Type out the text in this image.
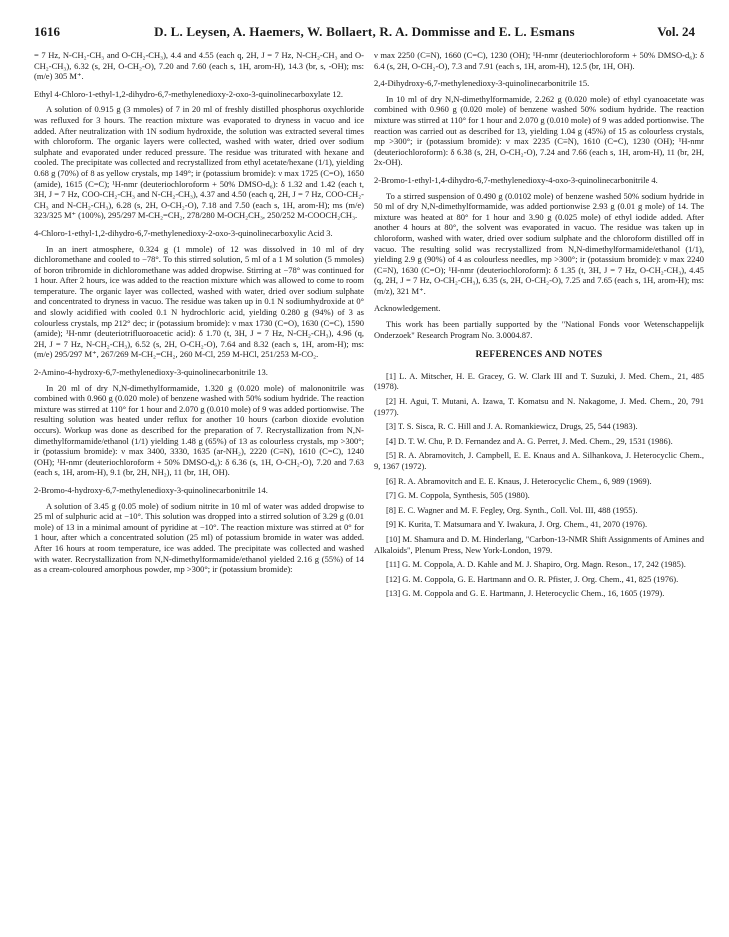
1616	D. L. Leysen, A. Haemers, W. Bollaert, R. A. Dommisse and E. L. Esmans	Vol. 24

= 7 Hz, N-CH₂-CH₃ and O-CH₂-CH₃), 4.4 and 4.55 (each q, 2H, J = 7 Hz, N-CH₂-CH₃ and O-CH₂-CH₃), 6.32 (s, 2H, O-CH₂-O), 7.20 and 7.60 (each s, 1H, arom-H), 14.3 (br, s, -OH); ms: (m/e) 305 M⁺.

Ethyl 4-Chloro-1-ethyl-1,2-dihydro-6,7-methylenedioxy-2-oxo-3-quinolinecarboxylate 12.

A solution of 0.915 g (3 mmoles) of 7 in 20 ml of freshly distilled phosphorus oxychloride was refluxed for 3 hours. The reaction mixture was evaporated to dryness in vacuo and ice added. After neutralization with 1N sodium hydroxide, the solution was extracted several times with chloroform. The organic layers were collected, washed with water, dried over sodium sulphate and evaporated under reduced pressure. The residue was triturated with hexane and cooled. The precipitate was collected and recrystallized from ethyl acetate/hexane (1/1), yielding 0.68 g (70%) of 8 as yellow crystals, mp 149°; ir (potassium bromide): ν max 1725 (C=O), 1650 (amide), 1615 (C=C); ¹H-nmr (deuteriochloroform + 50% DMSO-d₆): δ 1.32 and 1.42 (each t, 3H, J = 7 Hz, COO-CH₂-CH₃ and N-CH₂-CH₃), 4.37 and 4.50 (each q, 2H, J = 7 Hz, COO-CH₂-CH₃ and N-CH₂-CH₃), 6.28 (s, 2H, O-CH₂-O), 7.18 and 7.50 (each s, 1H, arom-H); ms (m/e) 323/325 M⁺ (100%), 295/297 M-CH₂=CH₂, 278/280 M-OCH₂CH₃, 250/252 M-COOCH₂CH₃.

4-Chloro-1-ethyl-1,2-dihydro-6,7-methylenedioxy-2-oxo-3-quinolinecarboxylic Acid 3.

In an inert atmosphere, 0.324 g (1 mmole) of 12 was dissolved in 10 ml of dry dichloromethane and cooled to −78°. To this stirred solution, 5 ml of a 1 M solution (5 mmoles) of boron tribromide in dichloromethane was added dropwise. Stirring at −78° was continued for 1 hour. After 2 hours, ice was added to the reaction mixture which was allowed to come to room temperature. The organic layer was collected, washed with water, dried over sodium sulphate and concentrated to dryness in vacuo. The residue was taken up in 0.1 N sodiumhydroxide at 0° and slowly acidified with cooled 0.1 N hydrochloric acid, yielding 0.280 g (94%) of 3 as colourless crystals, mp 212° dec; ir (potassium bromide): ν max 1730 (C=O), 1630 (C=C), 1590 (amide); ¹H-nmr (deuteriotrifluoroacetic acid): δ 1.70 (t, 3H, J = 7 Hz, N-CH₂-CH₃), 4.96 (q, 2H, J = 7 Hz, N-CH₂-CH₃), 6.52 (s, 2H, O-CH₂-O), 7.64 and 8.32 (each s, 1H, arom-H); ms: (m/e) 295/297 M⁺, 267/269 M-CH₂=CH₂, 260 M-Cl, 259 M-HCl, 251/253 M-CO₂.

2-Amino-4-hydroxy-6,7-methylenedioxy-3-quinolinecarbonitrile 13.

In 20 ml of dry N,N-dimethylformamide, 1.320 g (0.020 mole) of malononitrile was combined with 0.960 g (0.020 mole) of benzene washed with 50% sodium hydride. The reaction mixture was stirred at 110° for 1 hour and 2.070 g (0.010 mole) of 9 was added portionwise. The resulting solution was heated under reflux for another 10 hours (carbon dioxide evolution occurs). Workup was done as described for the preparation of 7. Recrystallization from N,N-dimethylformamide/ethanol (1/1) yielding 1.48 g (65%) of 13 as colourless crystals, mp >300°; ir (potassium bromide): ν max 3400, 3330, 1635 (ar-NH₂), 2220 (C≡N), 1610 (C=C), 1240 (OH); ¹H-nmr (deuteriochloroform + 50% DMSO-d₆): δ 6.36 (s, 1H, O-CH₂-O), 7.20 and 7.63 (each s, 1H, arom-H), 9.1 (br, 2H, NH₂), 11 (br, 1H, OH).

2-Bromo-4-hydroxy-6,7-methylenedioxy-3-quinolinecarbonitrile 14.

A solution of 3.45 g (0.05 mole) of sodium nitrite in 10 ml of water was added dropwise to 25 ml of sulphuric acid at −10°. This solution was dropped into a stirred solution of 3.29 g (0.01 mole) of 13 in a minimal amount of pyridine at −10°. The reaction mixture was stirred at 0° for 1 hour, after which a concentrated solution (25 ml) of potassium bromide in water was added. After 16 hours at room temperature, ice was added. The precipitate was collected and washed with water. Recrystallization from N,N-dimethylformamide/ethanol yielded 2.16 g (55%) of 14 as a cream-coloured amorphous powder, mp >300°; ir (potassium bromide):

ν max 2250 (C≡N), 1660 (C=C), 1230 (OH); ¹H-nmr (deuteriochloroform + 50% DMSO-d₆): δ 6.4 (s, 2H, O-CH₂-O), 7.3 and 7.91 (each s, 1H, arom-H), 12.5 (br, 1H, OH).

2,4-Dihydroxy-6,7-methylenedioxy-3-quinolinecarbonitrile 15.

In 10 ml of dry N,N-dimethylformamide, 2.262 g (0.020 mole) of ethyl cyanoacetate was combined with 0.960 g (0.020 mole) of benzene washed 50% sodium hydride. The reaction mixture was stirred at 110° for 1 hour and 2.070 g (0.010 mole) of 9 was added portionwise. The reaction was carried out as described for 13, yielding 1.04 g (45%) of 15 as colourless crystals, mp >300°; ir (potassium bromide): ν max 2235 (C≡N), 1610 (C=C), 1230 (OH); ¹H-nmr (deuteriochloroform): δ 6.38 (s, 2H, O-CH₂-O), 7.24 and 7.66 (each s, 1H, arom-H), 11 (br, 2H, 2x-OH).

2-Bromo-1-ethyl-1,4-dihydro-6,7-methylenedioxy-4-oxo-3-quinolinecarbonitrile 4.

To a stirred suspension of 0.490 g (0.0102 mole) of benzene washed 50% sodium hydride in 50 ml of dry N,N-dimethylformamide, was added portionwise 2.93 g (0.01 g mole) of 14. The mixture was heated at 80° for 1 hour and 3.90 g (0.025 mole) of ethyl iodide added. After another 4 hours at 80°, the solvent was evaporated in vacuo. The residue was taken up in chloroform, washed with water, dried over sodium sulphate and the chloroform distilled off in vacuo. The resulting solid was recrystallized from N,N-dimethylformamide/ethanol (1/1), yielding 2.9 g (90%) of 4 as colourless needles, mp >300°; ir (potassium bromide): ν max 2240 (C≡N), 1630 (C=O); ¹H-nmr (deuteriochloroform): δ 1.35 (t, 3H, J = 7 Hz, O-CH₂-CH₃), 4.45 (q, 2H, J = 7 Hz, O-CH₂-CH₃), 6.35 (s, 2H, O-CH₂-O), 7.25 and 7.65 (each s, 1H, arom-H); ms: (m/z), 321 M⁺.

Acknowledgement.

This work has been partially supported by the "National Fonds voor Wetenschappelijk Onderzoek" Research Program No. 3.0004.87.

REFERENCES AND NOTES
[1] L. A. Mitscher, H. E. Gracey, G. W. Clark III and T. Suzuki, J. Med. Chem., 21, 485 (1978).
[2] H. Agui, T. Mutani, A. Izawa, T. Komatsu and N. Nakagome, J. Med. Chem., 20, 791 (1977).
[3] T. S. Sisca, R. C. Hill and J. A. Romankiewicz, Drugs, 25, 544 (1983).
[4] D. T. W. Chu, P. D. Fernandez and A. G. Perret, J. Med. Chem., 29, 1531 (1986).
[5] R. A. Abramovitch, J. Campbell, E. E. Knaus and A. Silhankova, J. Heterocyclic Chem., 9, 1367 (1972).
[6] R. A. Abramovitch and E. E. Knaus, J. Heterocyclic Chem., 6, 989 (1969).
[7] G. M. Coppola, Synthesis, 505 (1980).
[8] E. C. Wagner and M. F. Fegley, Org. Synth., Coll. Vol. III, 488 (1955).
[9] K. Kurita, T. Matsumara and Y. Iwakura, J. Org. Chem., 41, 2070 (1976).
[10] M. Shamura and D. M. Hinderlang, "Carbon-13-NMR Shift Assignments of Amines and Alkaloids", Plenum Press, New York-London, 1979.
[11] G. M. Coppola, A. D. Kahle and M. J. Shapiro, Org. Magn. Reson., 17, 242 (1985).
[12] G. M. Coppola, G. E. Hartmann and O. R. Pfister, J. Org. Chem., 41, 825 (1976).
[13] G. M. Coppola and G. E. Hartmann, J. Heterocyclic Chem., 16, 1605 (1979).
